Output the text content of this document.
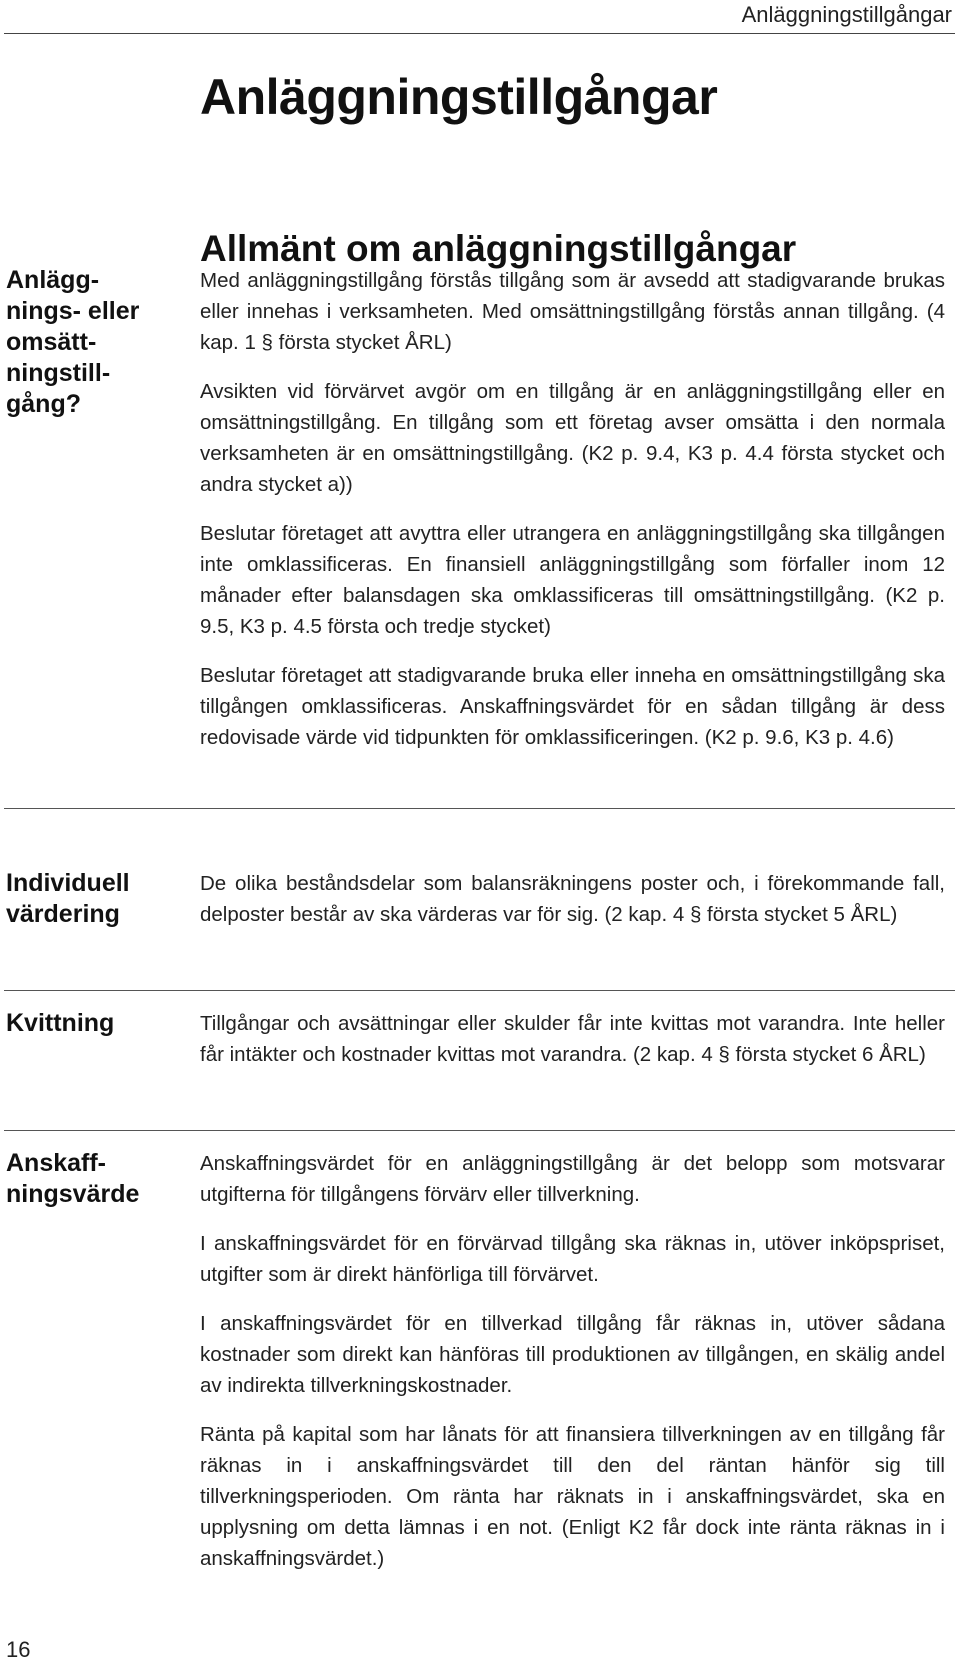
Anläggningstillgångar
Anläggningstillgångar
Allmänt om anläggningstillgångar
Anlägg-
nings- eller
omsätt-
ningstill-
gång?

Med anläggningstillgång förstås tillgång som är avsedd att stadigvarande brukas eller innehas i verksamheten. Med omsättningstillgång förstås annan tillgång. (4 kap. 1 § första stycket ÅRL)

Avsikten vid förvärvet avgör om en tillgång är en anläggningstillgång eller en omsättningstillgång. En tillgång som ett företag avser omsätta i den normala verksamheten är en omsättningstillgång. (K2 p. 9.4, K3 p. 4.4 första stycket och andra stycket a))

Beslutar företaget att avyttra eller utrangera en anläggningstillgång ska tillgången inte omklassificeras. En finansiell anläggningstillgång som förfaller inom 12 månader efter balansdagen ska omklassificeras till omsättningstillgång. (K2 p. 9.5, K3 p. 4.5 första och tredje stycket)

Beslutar företaget att stadigvarande bruka eller inneha en omsättningstillgång ska tillgången omklassificeras. Anskaffningsvärdet för en sådan tillgång är dess redovisade värde vid tidpunkten för omklassificeringen. (K2 p. 9.6, K3 p. 4.6)

Individuell
värdering

De olika beståndsdelar som balansräkningens poster och, i förekommande fall, delposter består av ska värderas var för sig. (2 kap. 4 § första stycket 5 ÅRL)

Kvittning	Tillgångar och avsättningar eller skulder får inte kvittas mot varandra. Inte heller får intäkter och kostnader kvittas mot varandra. (2 kap. 4 § första stycket 6 ÅRL)

Anskaff-
ningsvärde

Anskaffningsvärdet för en anläggningstillgång är det belopp som motsvarar utgifterna för tillgångens förvärv eller tillverkning.

I anskaffningsvärdet för en förvärvad tillgång ska räknas in, utöver inköpspriset, utgifter som är direkt hänförliga till förvärvet.

I anskaffningsvärdet för en tillverkad tillgång får räknas in, utöver sådana kostnader som direkt kan hänföras till produktionen av tillgången, en skälig andel av indirekta tillverkningskostnader.

Ränta på kapital som har lånats för att finansiera tillverkningen av en tillgång får räknas in i anskaffningsvärdet till den del räntan hänför sig till tillverkningsperioden. Om ränta har räknats in i anskaffningsvärdet, ska en upplysning om detta lämnas i en not. (Enligt K2 får dock inte ränta räknas in i anskaffningsvärdet.)

16
